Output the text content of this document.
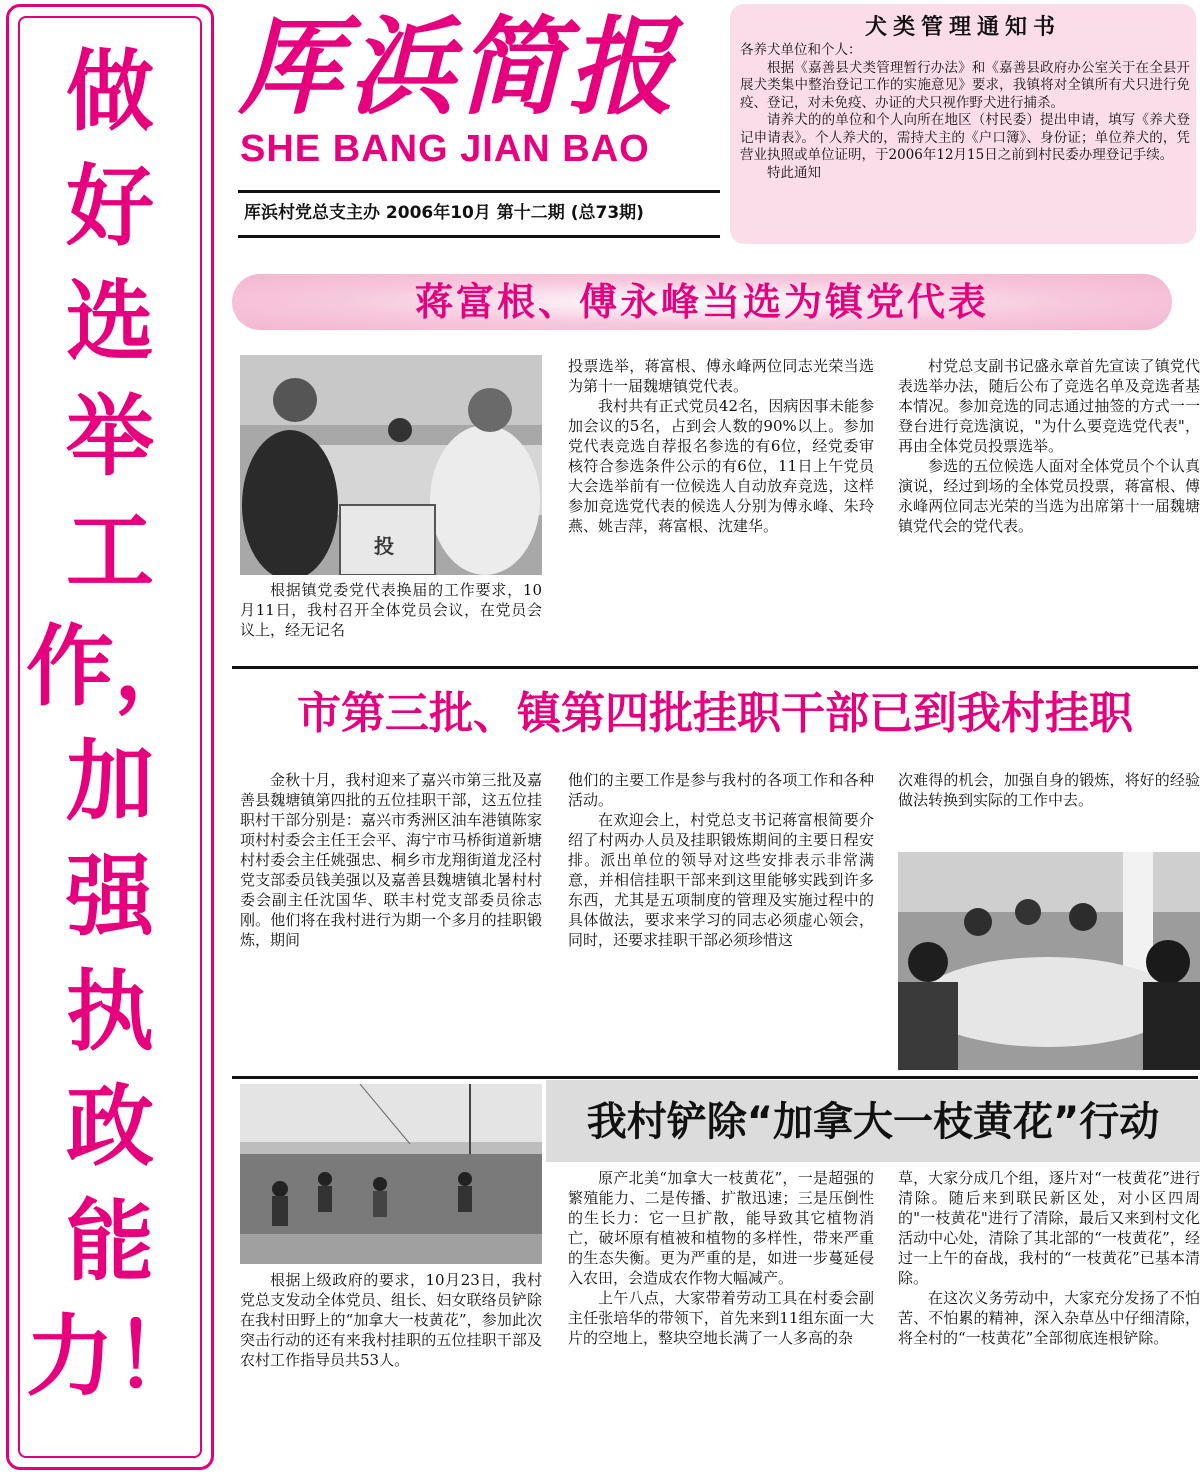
做好选举工作，加强执政能力！
厍浜简报
SHE BANG JIAN BAO
厍浜村党总支主办 2006年10月 第十二期 (总73期)
犬类管理通知书

各养犬单位和个人：

根据《嘉善县犬类管理暂行办法》和《嘉善县政府办公室关于在全县开展犬类集中整治登记工作的实施意见》要求，我镇将对全镇所有犬只进行免疫、登记，对未免疫、办证的犬只视作野犬进行捕杀。

请养犬的的单位和个人向所在地区（村民委）提出申请，填写《养犬登记申请表》。个人养犬的，需持犬主的《户口簿》、身份证；单位养犬的，凭营业执照或单位证明，于2006年12月15日之前到村民委办理登记手续。

特此通知

蒋富根、傅永峰当选为镇党代表
投

根据镇党委党代表换届的工作要求，10月11日，我村召开全体党员会议，在党员会议上，经无记名

投票选举，蒋富根、傅永峰两位同志光荣当选为第十一届魏塘镇党代表。

我村共有正式党员42名，因病因事未能参加会议的5名，占到会人数的90%以上。参加党代表竞选自荐报名参选的有6位，经党委审核符合参选条件公示的有6位，11日上午党员大会选举前有一位候选人自动放弃竞选，这样参加竞选党代表的候选人分别为傅永峰、朱玲燕、姚吉萍，蒋富根、沈建华。

村党总支副书记盛永章首先宣读了镇党代表选举办法，随后公布了竞选名单及竞选者基本情况。参加竞选的同志通过抽签的方式一一登台进行竞选演说，"为什么要竞选党代表"，再由全体党员投票选举。

参选的五位候选人面对全体党员个个认真演说，经过到场的全体党员投票，蒋富根、傅永峰两位同志光荣的当选为出席第十一届魏塘镇党代会的党代表。

市第三批、镇第四批挂职干部已到我村挂职

金秋十月，我村迎来了嘉兴市第三批及嘉善县魏塘镇第四批的五位挂职干部，这五位挂职村干部分别是：嘉兴市秀洲区油车港镇陈家项村村委会主任王会平、海宁市马桥街道新塘村村委会主任姚强忠、桐乡市龙翔街道龙泾村党支部委员钱美强以及嘉善县魏塘镇北暑村村委会副主任沈国华、联丰村党支部委员徐志刚。他们将在我村进行为期一个多月的挂职锻炼，期间

他们的主要工作是参与我村的各项工作和各种活动。

在欢迎会上，村党总支书记蒋富根简要介绍了村两办人员及挂职锻炼期间的主要日程安排。派出单位的领导对这些安排表示非常满意，并相信挂职干部来到这里能够实践到许多东西，尤其是五项制度的管理及实施过程中的具体做法，要求来学习的同志必须虚心领会，同时，还要求挂职干部必须珍惜这

次难得的机会，加强自身的锻炼，将好的经验做法转换到实际的工作中去。

我村铲除“加拿大一枝黄花”行动

根据上级政府的要求，10月23日，我村党总支发动全体党员、组长、妇女联络员铲除在我村田野上的“加拿大一枝黄花”，参加此次突击行动的还有来我村挂职的五位挂职干部及农村工作指导员共53人。

原产北美“加拿大一枝黄花”，一是超强的繁殖能力、二是传播、扩散迅速；三是压倒性的生长力：它一旦扩散，能导致其它植物消亡，破坏原有植被和植物的多样性，带来严重的生态失衡。更为严重的是，如进一步蔓延侵入农田，会造成农作物大幅减产。

上午八点，大家带着劳动工具在村委会副主任张培华的带领下，首先来到11组东面一大片的空地上，整块空地长满了一人多高的杂

草，大家分成几个组，逐片对“一枝黄花”进行清除。随后来到联民新区处，对小区四周的"一枝黄花"进行了清除，最后又来到村文化活动中心处，清除了其北部的“一枝黄花”，经过一上午的奋战，我村的“一枝黄花”已基本清除。

在这次义务劳动中，大家充分发扬了不怕苦、不怕累的精神，深入杂草丛中仔细清除，将全村的“一枝黄花”全部彻底连根铲除。
